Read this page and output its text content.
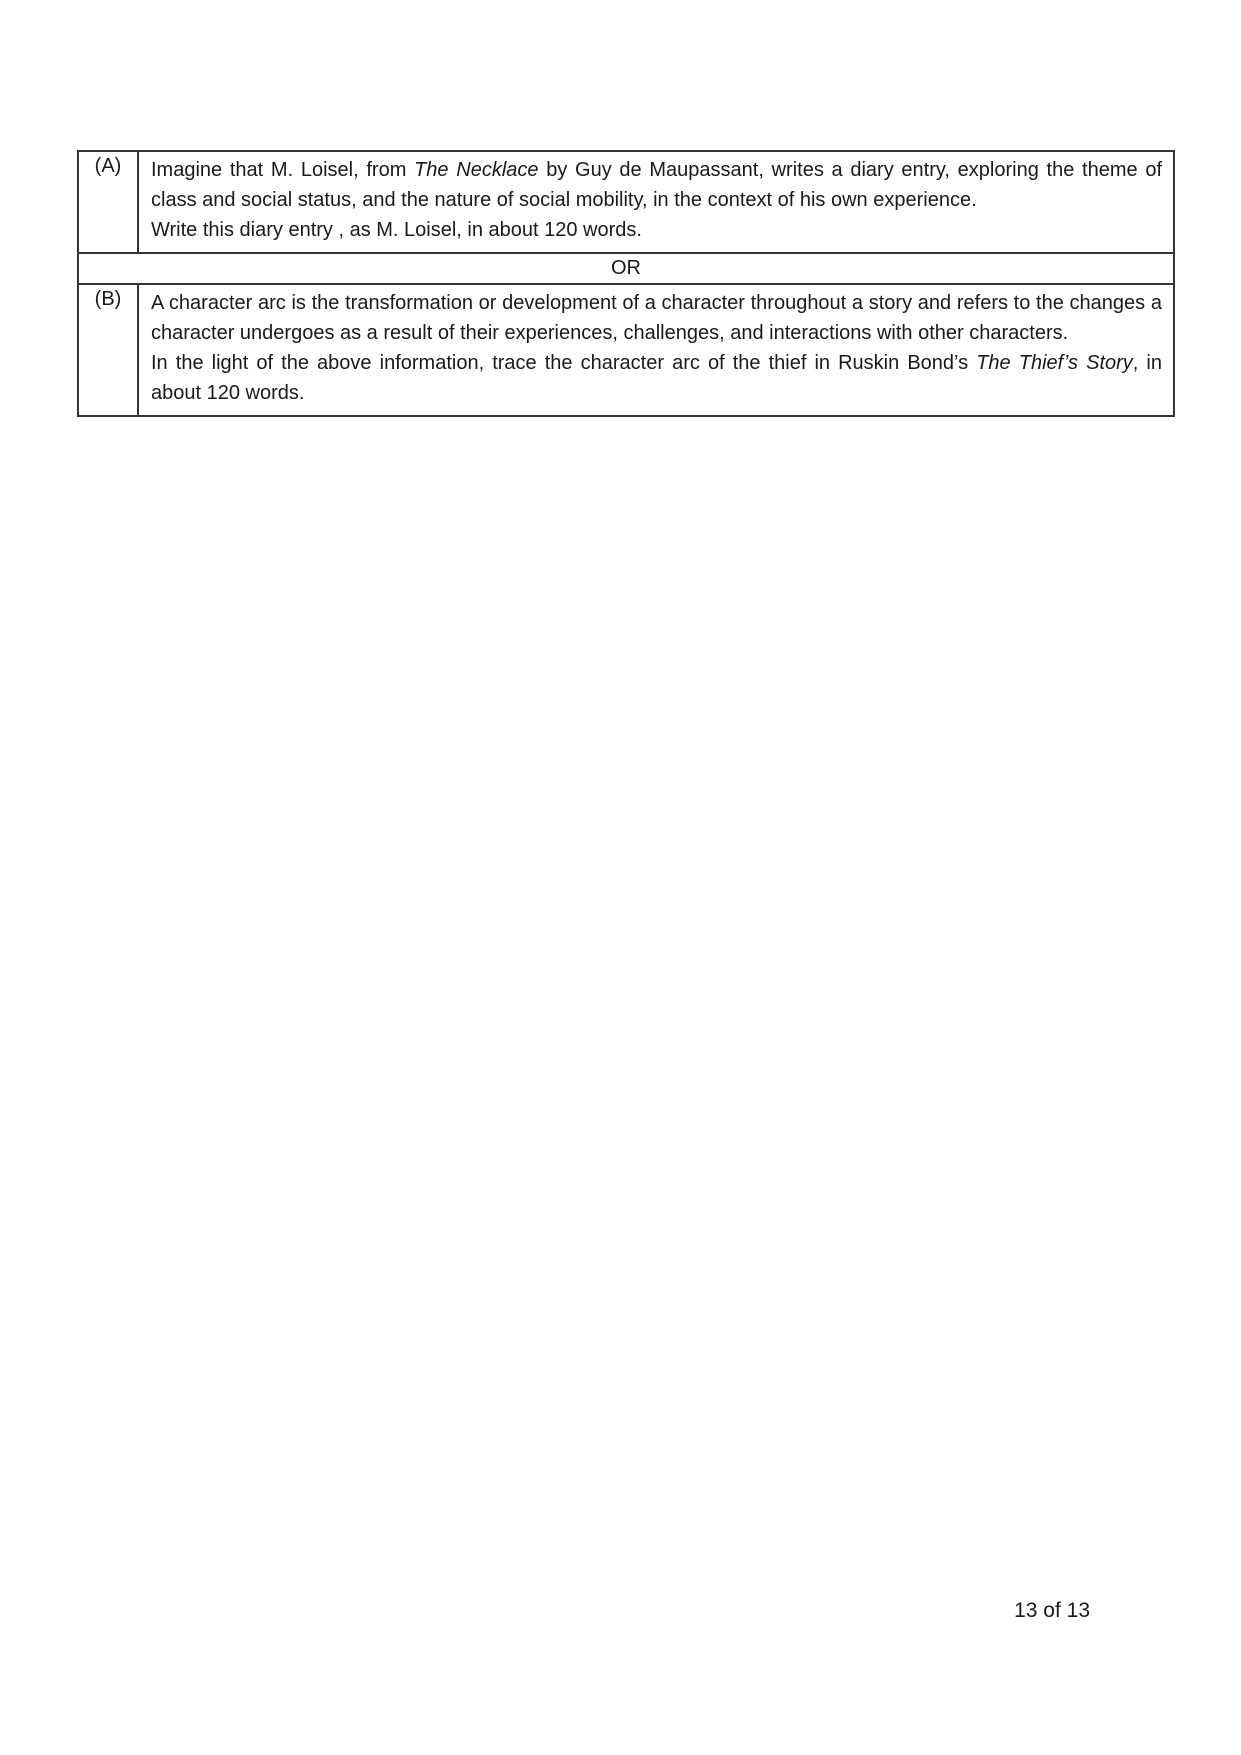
(A)	Imagine that M. Loisel, from The Necklace by Guy de Maupassant, writes a diary entry, exploring the theme of class and social status, and the nature of social mobility, in the context of his own experience.

Write this diary entry , as M. Loisel, in about 120 words.

OR	
(B)	A character arc is the transformation or development of a character throughout a story and refers to the changes a character undergoes as a result of their experiences, challenges, and interactions with other characters.

In the light of the above information, trace the character arc of the thief in Ruskin Bond’s The Thief’s Story, in about 120 words.

13 of 13
